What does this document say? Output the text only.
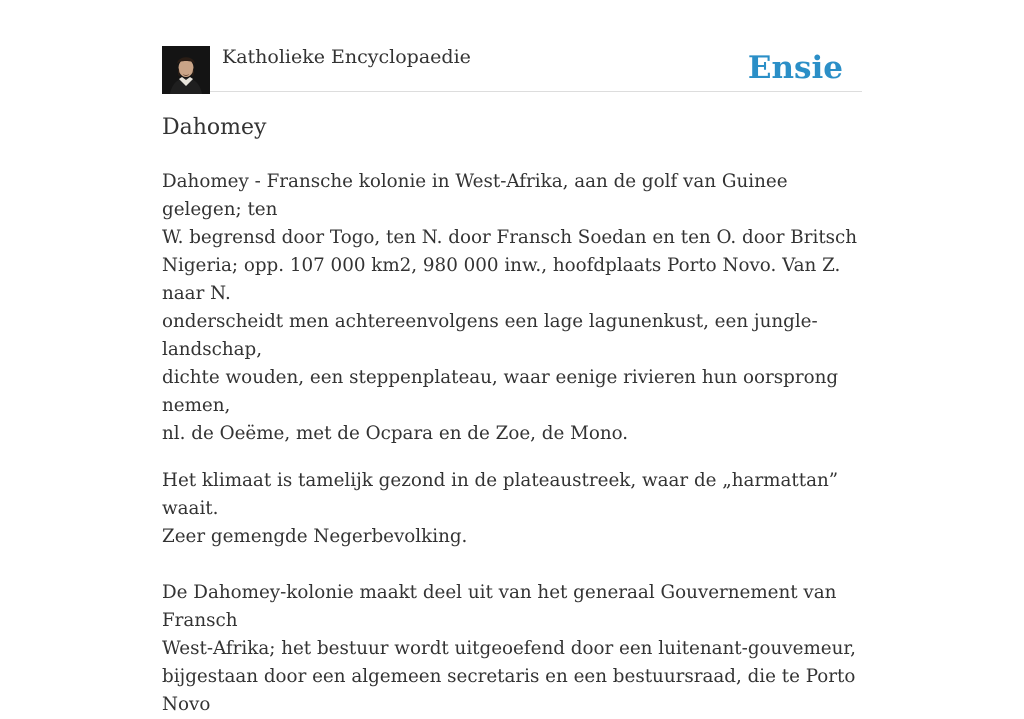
Katholieke Encyclopaedie	Ensie
Dahomey

Dahomey - Fransche kolonie in West-Afrika, aan de golf van Guinee gelegen; ten
W. begrensd door Togo, ten N. door Fransch Soedan en ten O. door Britsch
Nigeria; opp. 107 000 km2, 980 000 inw., hoofdplaats Porto Novo. Van Z. naar N.
onderscheidt men achtereenvolgens een lage lagunenkust, een jungle-landschap,
dichte wouden, een steppenplateau, waar eenige rivieren hun oorsprong nemen,
nl. de Oeëme, met de Ocpara en de Zoe, de Mono.

Het klimaat is tamelijk gezond in de plateaustreek, waar de „harmattan” waait.
Zeer gemengde Negerbevolking.

De Dahomey-kolonie maakt deel uit van het generaal Gouvernement van Fransch
West-Afrika; het bestuur wordt uitgeoefend door een luitenant-gouvemeur,
bijgestaan door een algemeen secretaris en een bestuursraad, die te Porto Novo
